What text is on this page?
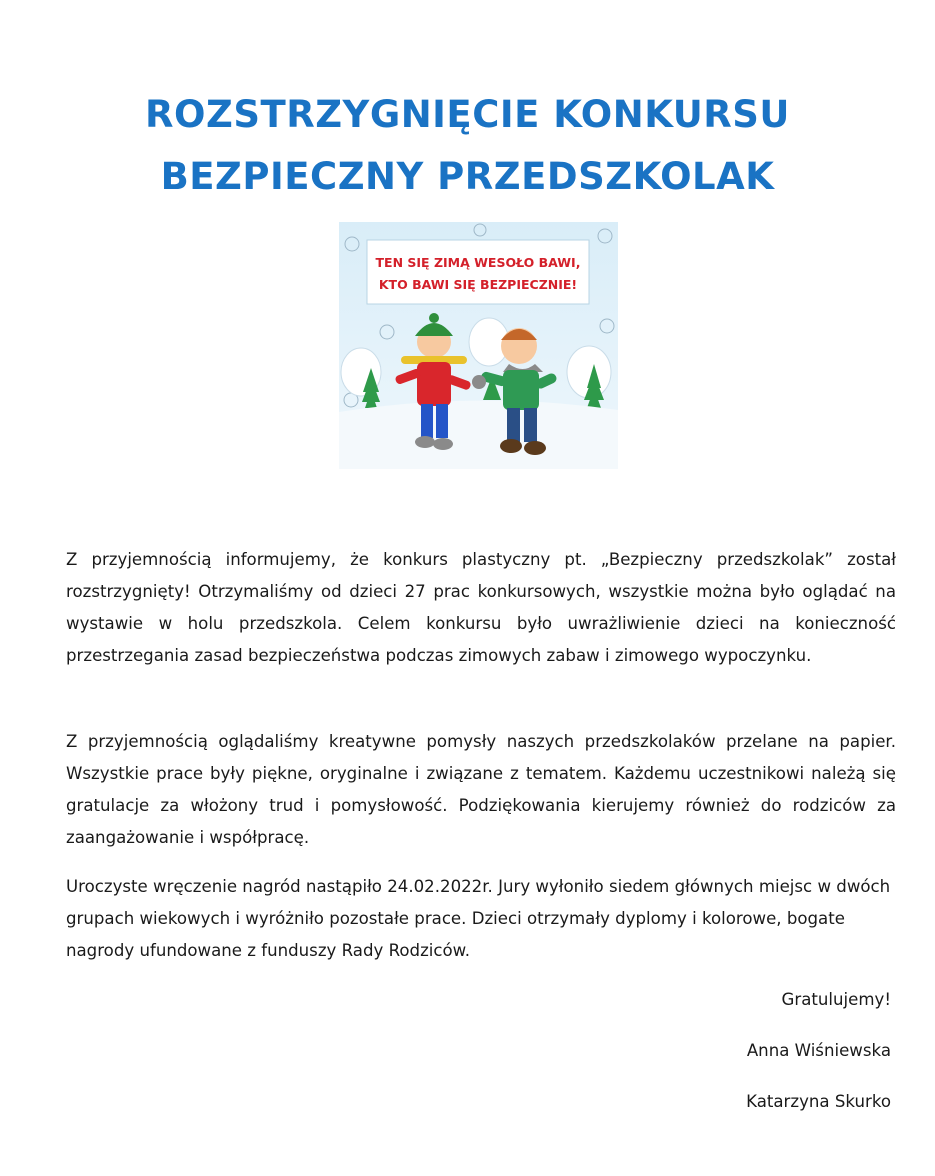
ROZSTRZYGNIĘCIE KONKURSU
BEZPIECZNY PRZEDSZKOLAK
TEN SIĘ ZIMĄ WESOŁO BAWI,
KTO BAWI SIĘ BEZPIECZNIE!

Z przyjemnością informujemy, że konkurs plastyczny pt. „Bezpieczny przedszkolak” został rozstrzygnięty! Otrzymaliśmy od dzieci 27 prac konkursowych, wszystkie można było oglądać na wystawie w holu przedszkola. Celem konkursu było uwrażliwienie dzieci na konieczność przestrzegania zasad bezpieczeństwa podczas zimowych zabaw i zimowego wypoczynku.

Z przyjemnością oglądaliśmy kreatywne pomysły naszych przedszkolaków przelane na papier. Wszystkie prace były piękne, oryginalne i związane z tematem. Każdemu uczestnikowi należą się gratulacje za włożony trud i pomysłowość. Podziękowania kierujemy również do rodziców za zaangażowanie i współpracę.

Uroczyste wręczenie nagród nastąpiło 24.02.2022r. Jury wyłoniło siedem głównych miejsc w dwóch grupach wiekowych i wyróżniło pozostałe prace. Dzieci otrzymały dyplomy i kolorowe, bogate nagrody ufundowane z funduszy Rady Rodziców.

Gratulujemy!
Anna Wiśniewska
Katarzyna Skurko
